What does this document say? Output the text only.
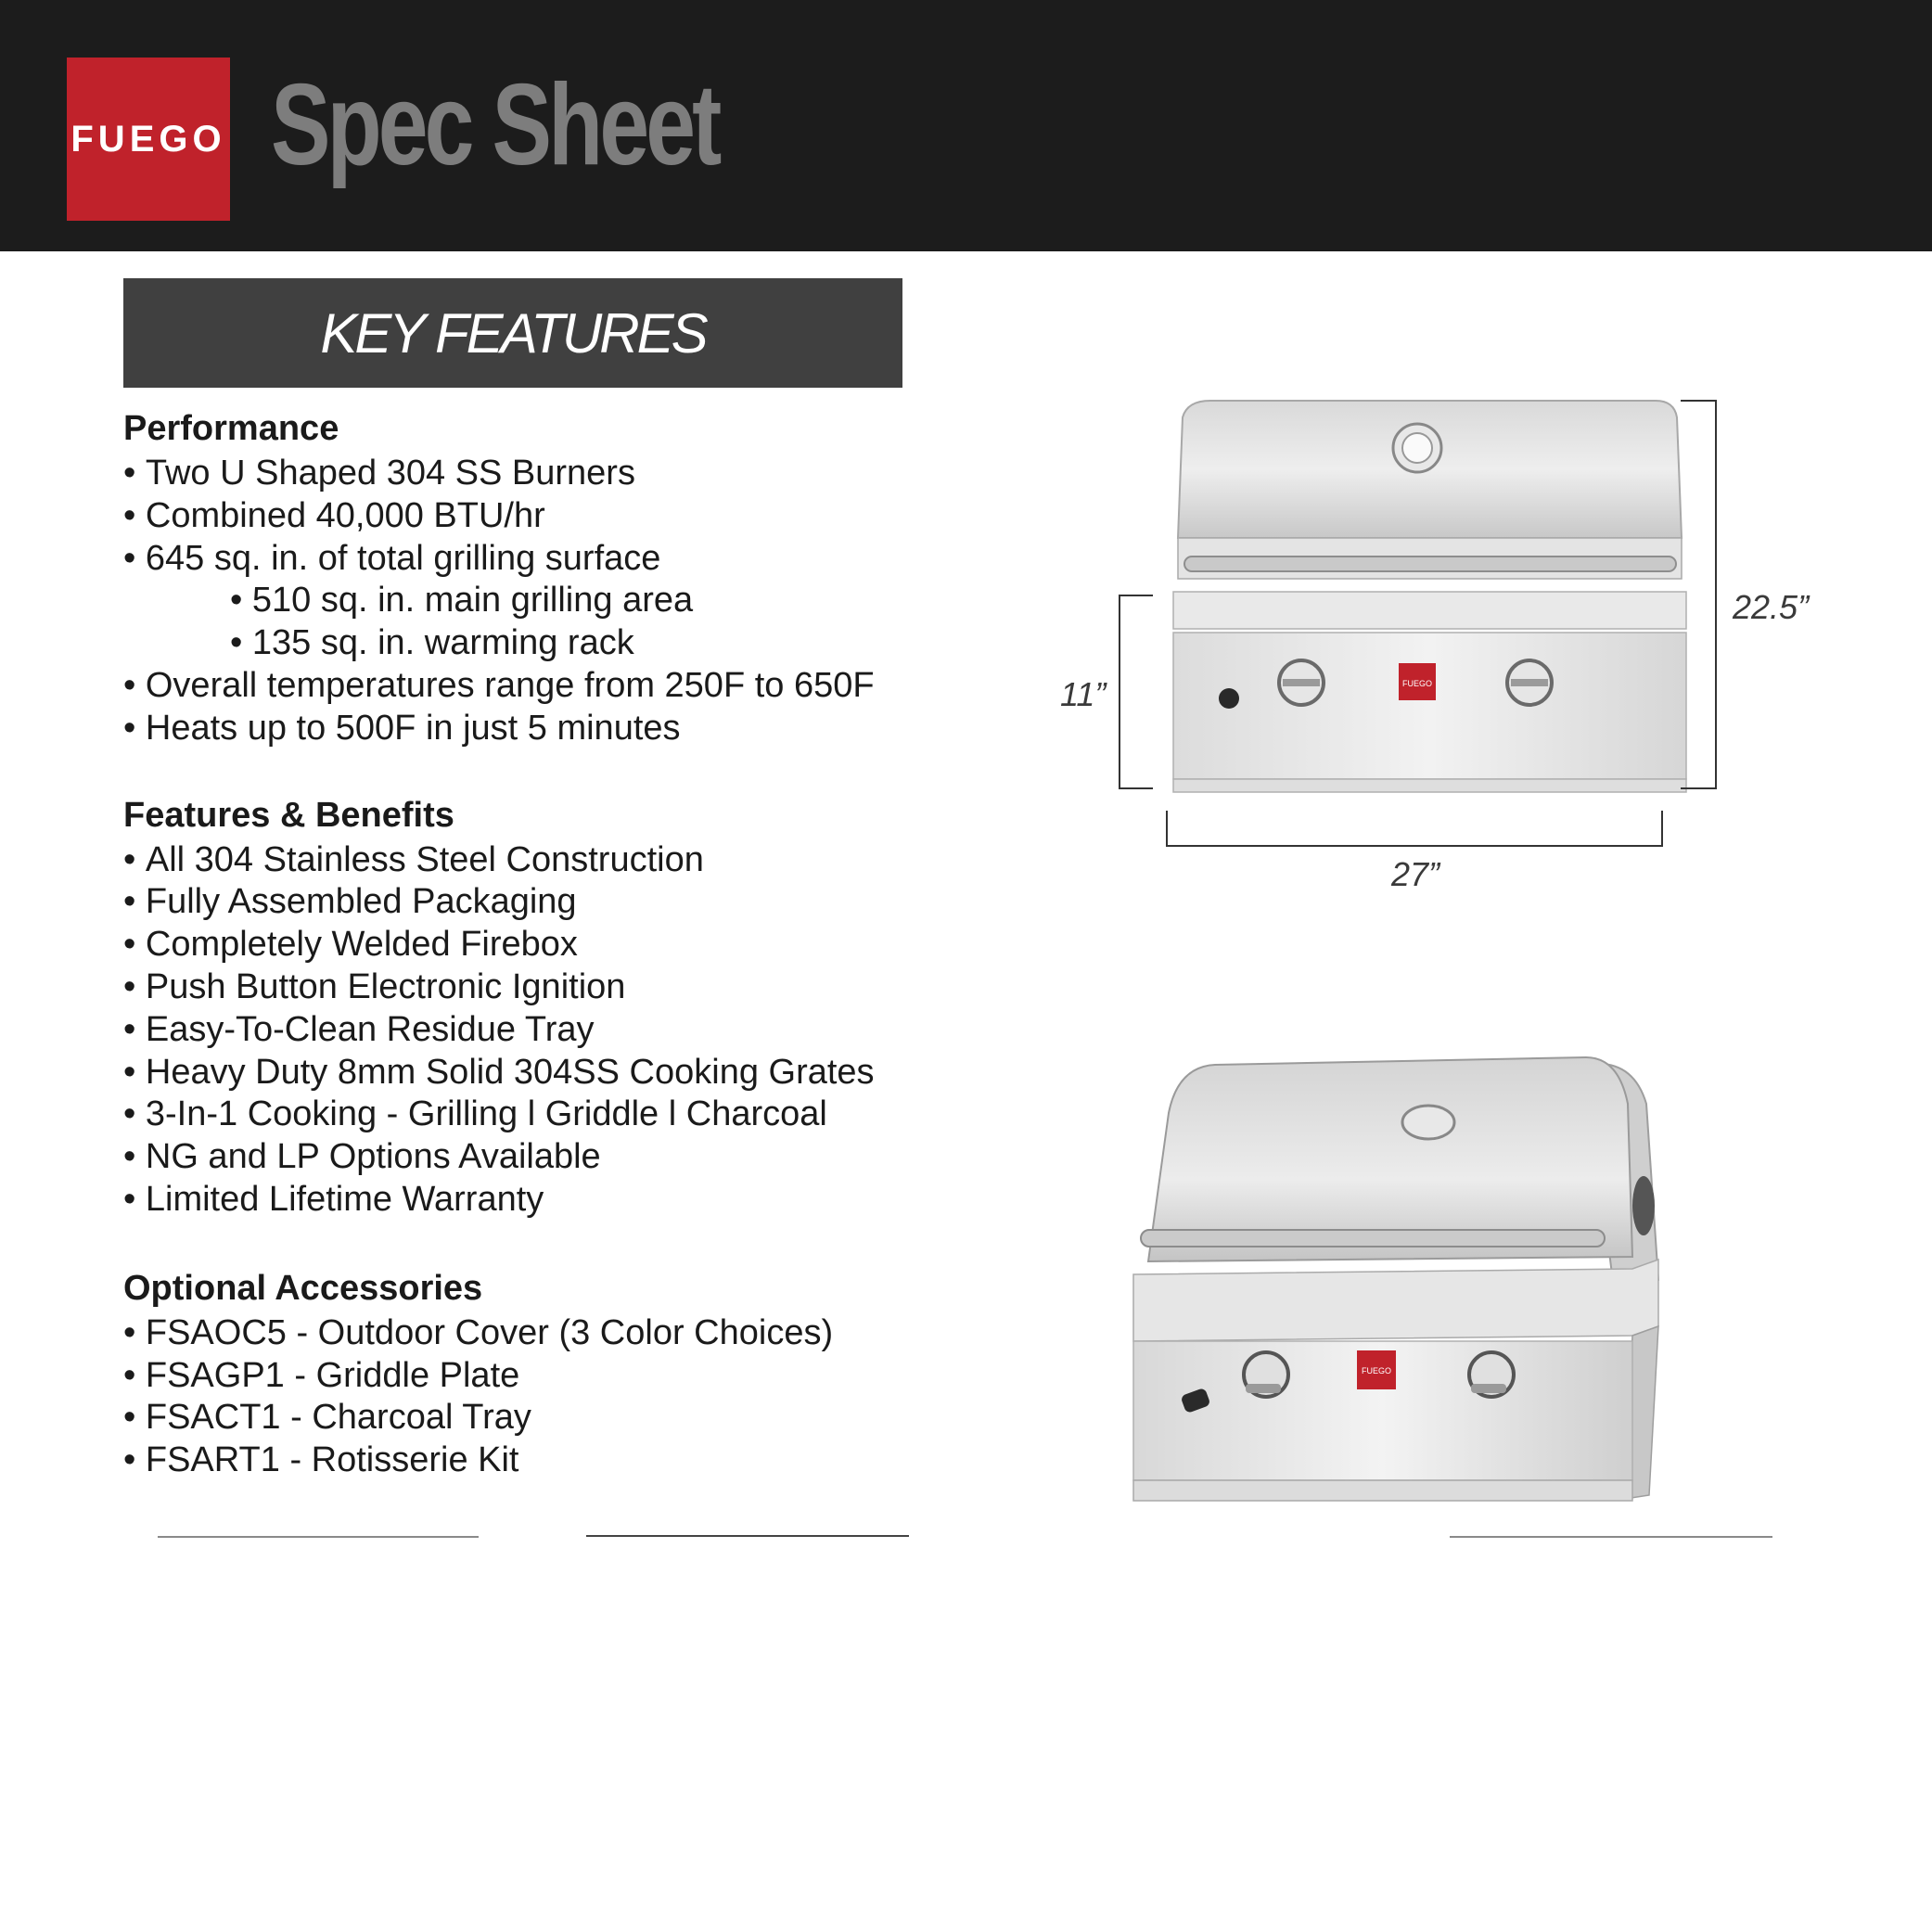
FUEGO Spec Sheet
KEY FEATURES
Performance
• Two U Shaped 304 SS Burners
• Combined 40,000 BTU/hr
• 645 sq. in. of total grilling surface
• 510 sq. in. main grilling area
• 135 sq. in. warming rack
• Overall temperatures range from 250F to 650F
• Heats up to 500F in just 5 minutes
Features & Benefits
• All 304 Stainless Steel Construction
• Fully Assembled Packaging
• Completely Welded Firebox
• Push Button Electronic Ignition
• Easy-To-Clean Residue Tray
• Heavy Duty 8mm Solid 304SS Cooking Grates
• 3-In-1 Cooking - Grilling l Griddle l Charcoal
• NG and LP Options Available
• Limited Lifetime Warranty
Optional Accessories
• FSAOC5 - Outdoor Cover (3 Color Choices)
• FSAGP1 - Griddle Plate
• FSACT1 - Charcoal Tray
• FSART1 - Rotisserie Kit
FUEGO
22.5”
11”
27”
FUEGO
